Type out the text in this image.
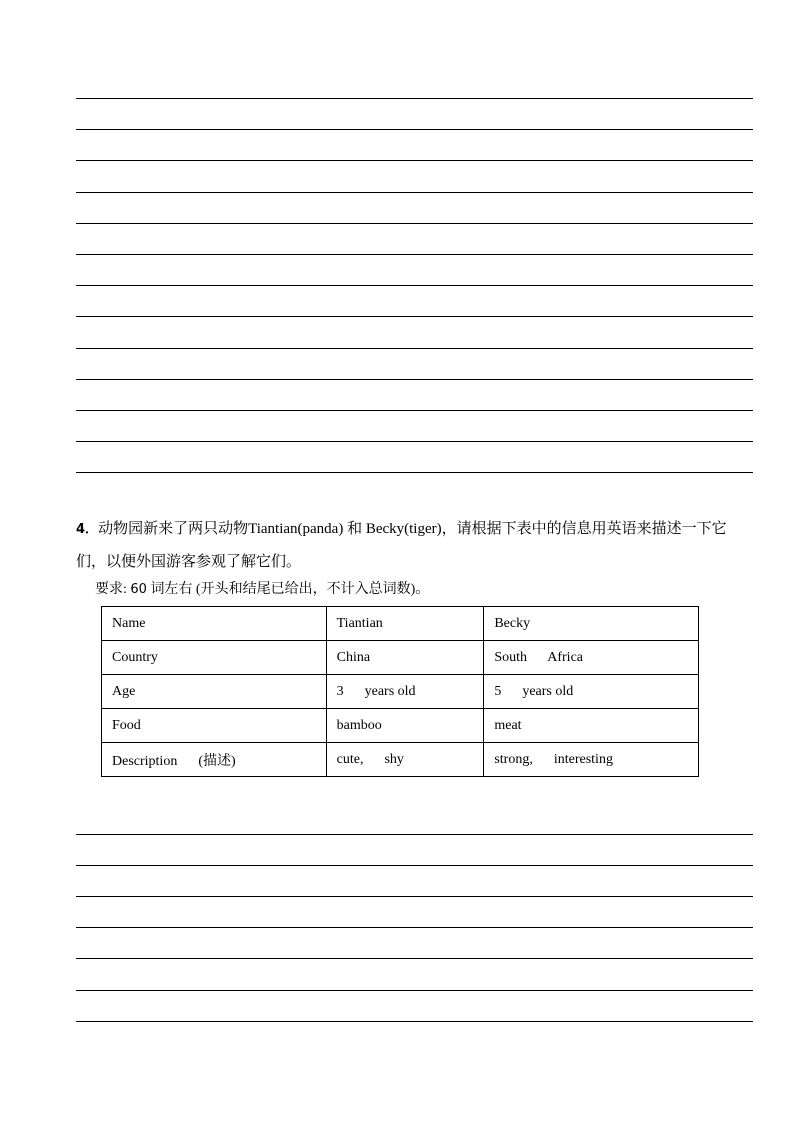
4．动物园新来了两只动物Tiantian(panda) 和 Becky(tiger)，请根据下表中的信息用英语来描述一下它们，以便外国游客参观了解它们。
要求: 60 词左右 (开头和结尾已给出，不计入总词数)。
Name	Tiantian	Becky
Country	China	South      Africa
Age	3      years old	5      years old
Food	bamboo	meat
Description      (描述)	cute,      shy	strong,      interesting
